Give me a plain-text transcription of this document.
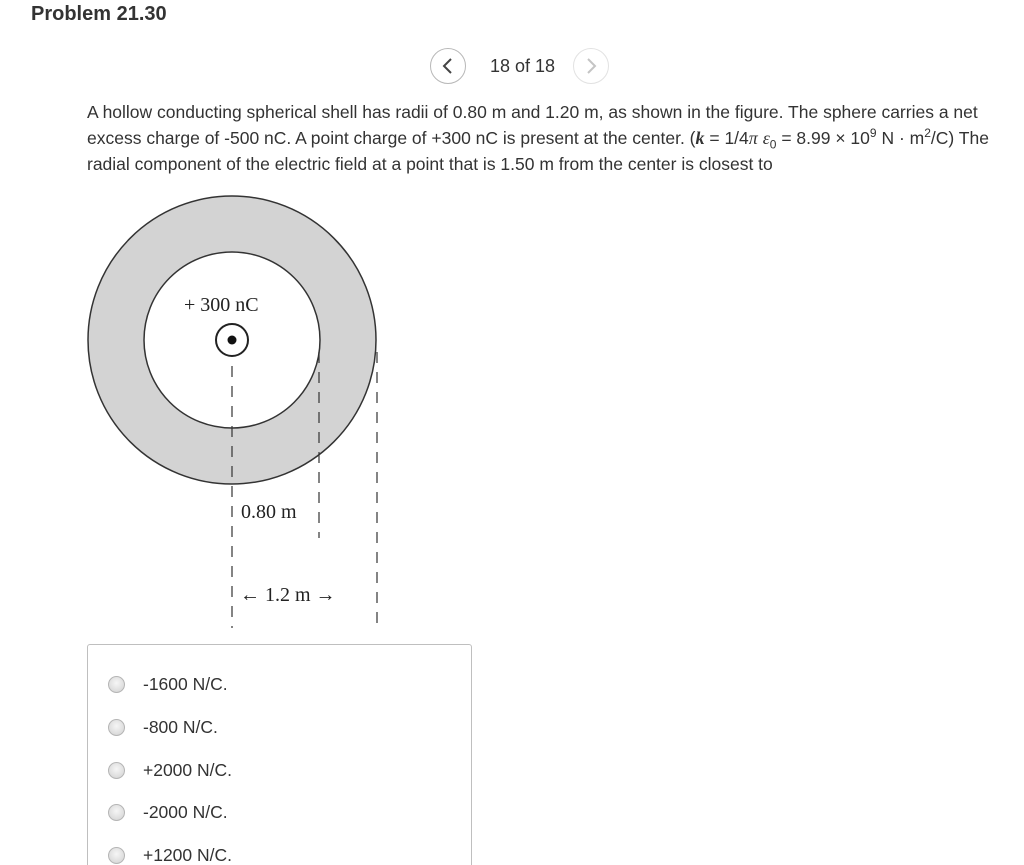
Problem 21.30
18 of 18
A hollow conducting spherical shell has radii of 0.80 m and 1.20 m, as shown in the figure. The sphere carries a net excess charge of -500 nC. A point charge of +300 nC is present at the center. (k = 1/4π $\varepsilon_0 = 8.99 \times 10^9$ $N \cdot m^2/C$) The radial component of the electric field at a point that is 1.50 m from the center is closest to
+ 300 nC
0.80 m
← 1.2 m →
-1600 N/C.
-800 N/C.
+2000 N/C.
-2000 N/C.
+1200 N/C.
